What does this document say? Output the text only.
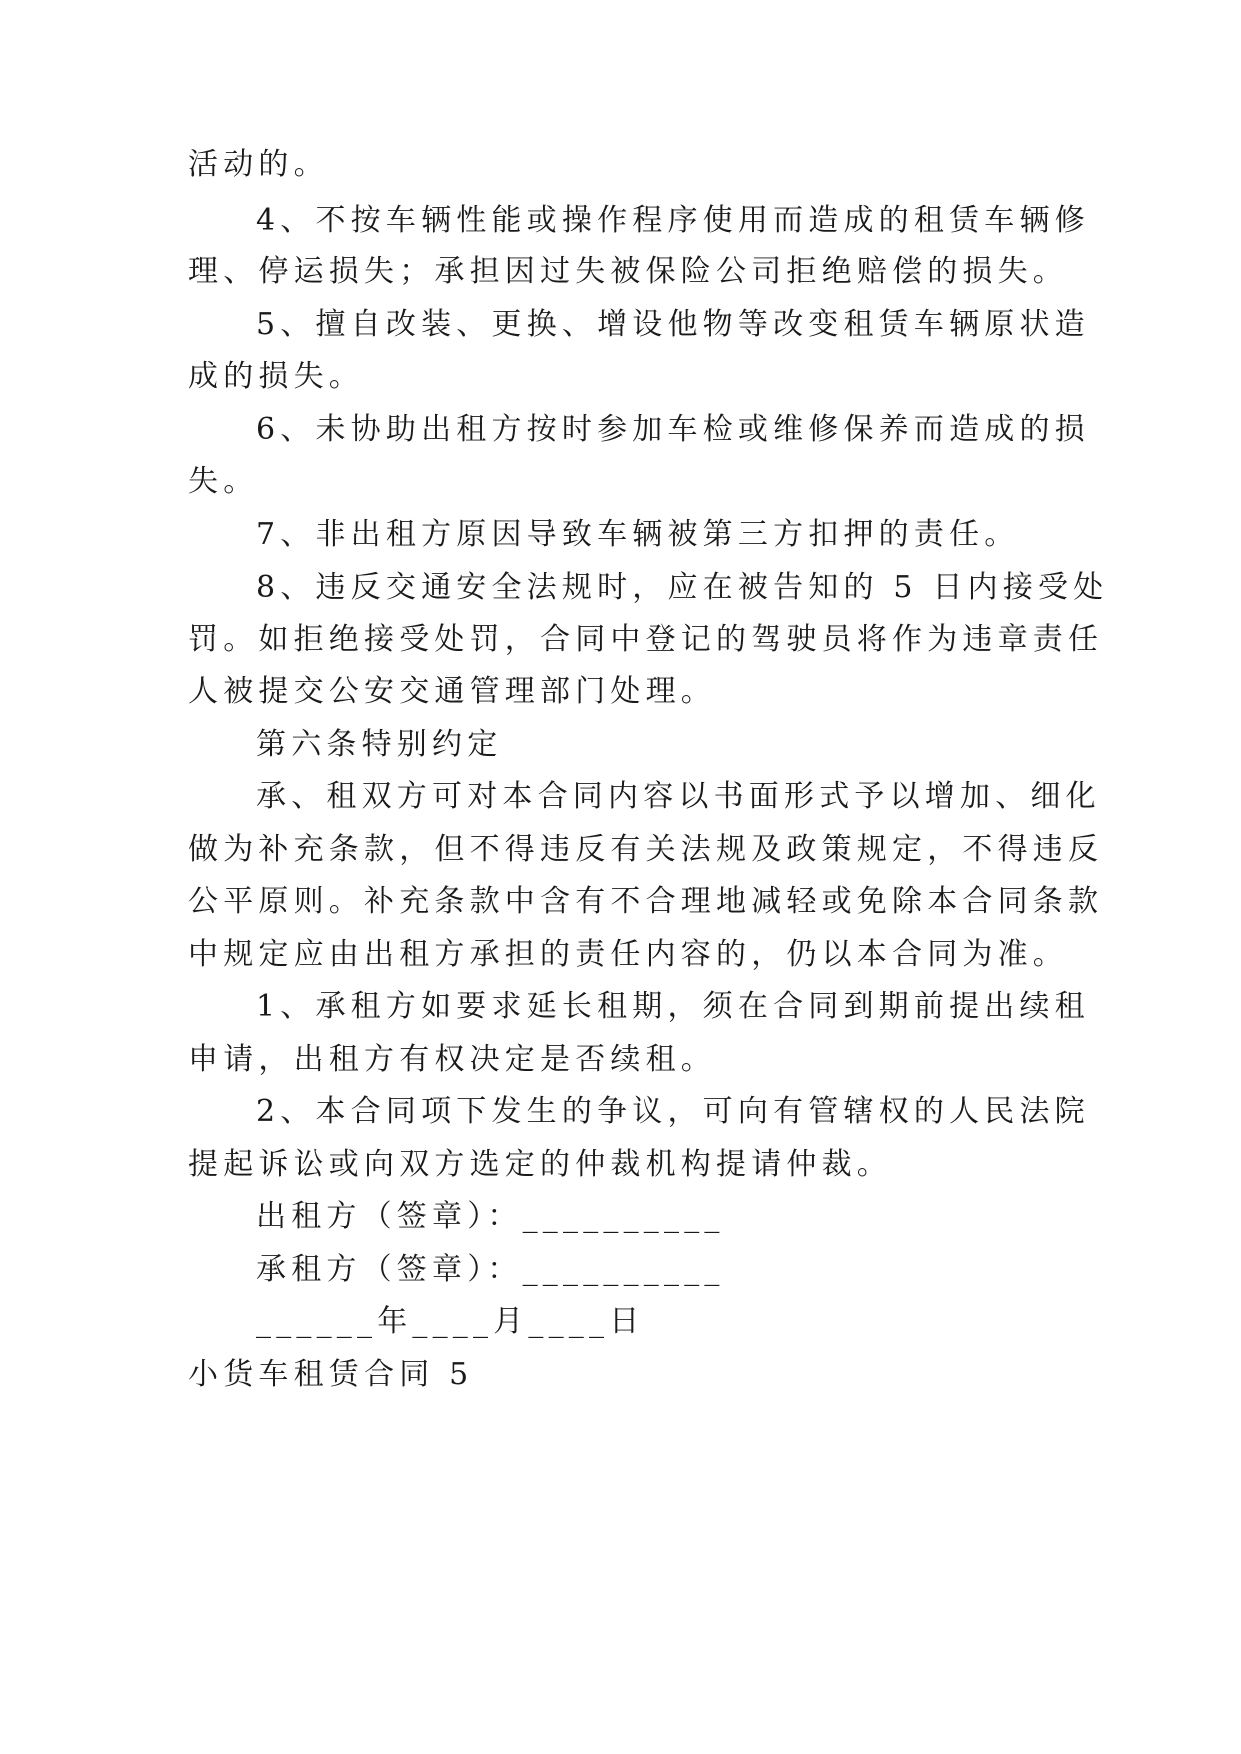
活动的。
4、不按车辆性能或操作程序使用而造成的租赁车辆修
理、停运损失；承担因过失被保险公司拒绝赔偿的损失。
5、擅自改装、更换、增设他物等改变租赁车辆原状造
成的损失。
6、未协助出租方按时参加车检或维修保养而造成的损
失。
7、非出租方原因导致车辆被第三方扣押的责任。
8、违反交通安全法规时，应在被告知的 5 日内接受处
罚。如拒绝接受处罚，合同中登记的驾驶员将作为违章责任
人被提交公安交通管理部门处理。
第六条特别约定
承、租双方可对本合同内容以书面形式予以增加、细化
做为补充条款，但不得违反有关法规及政策规定，不得违反
公平原则。补充条款中含有不合理地减轻或免除本合同条款
中规定应由出租方承担的责任内容的，仍以本合同为准。
1、承租方如要求延长租期，须在合同到期前提出续租
申请，出租方有权决定是否续租。
2、本合同项下发生的争议，可向有管辖权的人民法院
提起诉讼或向双方选定的仲裁机构提请仲裁。
出租方（签章）：__________
承租方（签章）：__________
______年____月____日
小货车租赁合同 5
